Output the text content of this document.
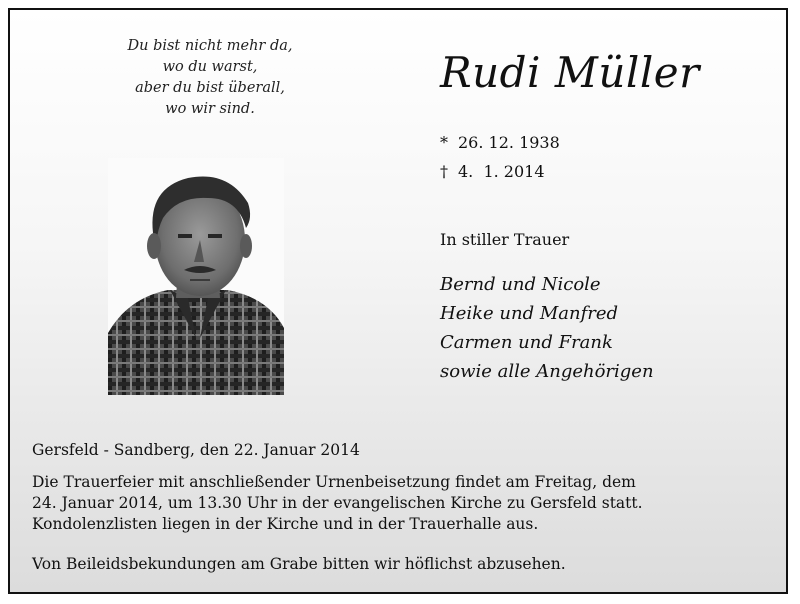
Du bist nicht mehr da,
wo du warst,
aber du bist überall,
wo wir sind.
Rudi Müller
* 26. 12. 1938
† 4.  1. 2014
In stiller Trauer
Bernd und Nicole
Heike und Manfred
Carmen und Frank
sowie alle Angehörigen
Gersfeld - Sandberg, den 22. Januar 2014
Die Trauerfeier mit anschließender Urnenbeisetzung findet am Freitag, dem
24. Januar 2014, um 13.30 Uhr in der evangelischen Kirche zu Gersfeld statt.
Kondolenzlisten liegen in der Kirche und in der Trauerhalle aus.
Von Beileidsbekundungen am Grabe bitten wir höflichst abzusehen.
